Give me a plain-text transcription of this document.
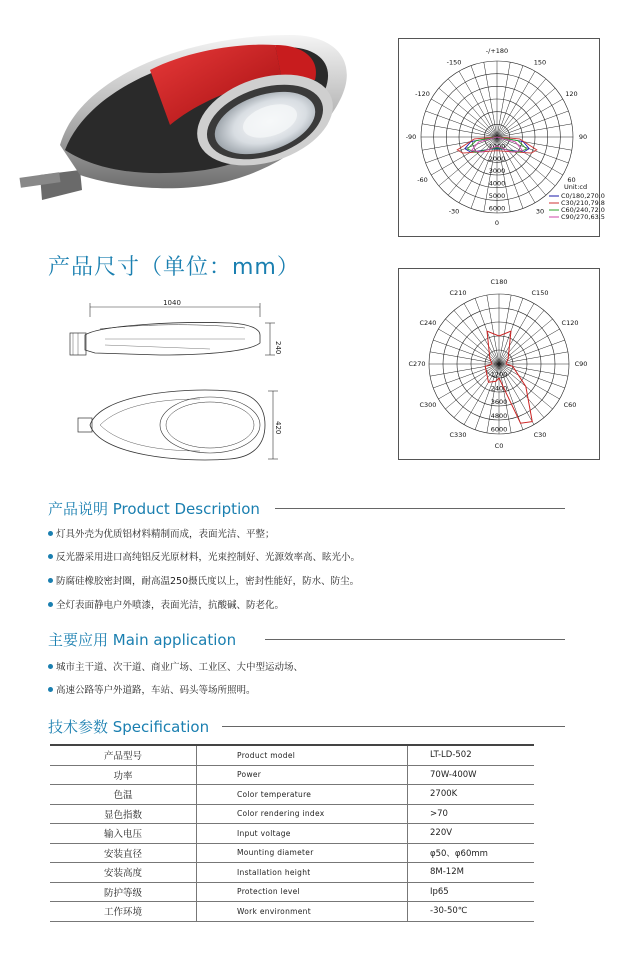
-/+180
-150	150
-120	120
-90	90
-60	60
-30	30
0
1000
2000
3000
4000
5000
6000
Unit:cd
C0/180,270.0
C30/210,79.8
C60/240,72.0
C90/270,63.5
产品尺寸（单位：mm）
C180
C210	C150
C240	C120
C270	C90
C300	C60
C330	C30
C0
1200
2400
3600
4800
6000
1040
240
420
产品说明 Product Description
灯具外壳为优质铝材料精制而成，表面光洁、平整；
反光器采用进口高纯铝反光原材料，光束控制好、光源效率高、眩光小。
防腐硅橡胶密封圈，耐高温250摄氏度以上，密封性能好，防水、防尘。
全灯表面静电户外喷漆，表面光洁，抗酸碱、防老化。
主要应用 Main application
城市主干道、次干道、商业广场、工业区、大中型运动场、
高速公路等户外道路，车站、码头等场所照明。
技术参数 Specification
产品型号	Product model	LT-LD-502
功率	Power	70W-400W
色温	Color temperature	2700K
显色指数	Color rendering index	>70
输入电压	Input voltage	220V
安装直径	Mounting diameter	φ50、φ60mm
安装高度	Installation height	8M-12M
防护等级	Protection level	Ip65
工作环境	Work environment	-30-50℃
